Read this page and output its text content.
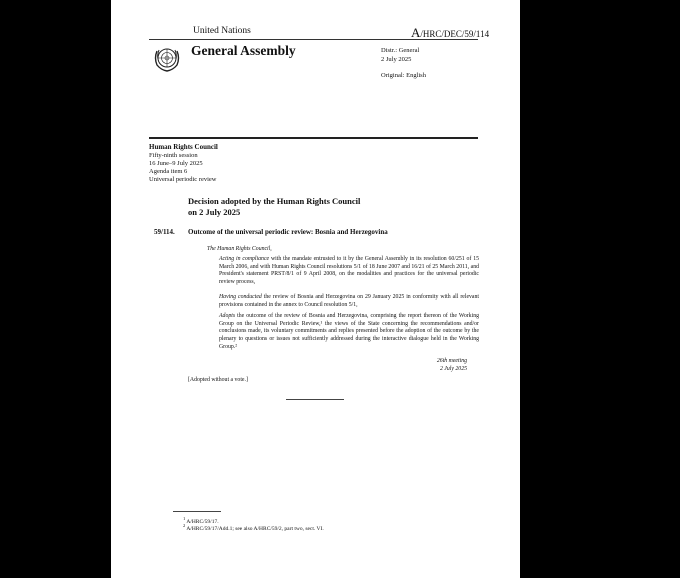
United Nations	A/HRC/DEC/59/114
General Assembly	Distr.: General
2 July 2025
Original: English
Human Rights Council
Fifty-ninth session
16 June–9 July 2025
Agenda item 6
Universal periodic review
Decision adopted by the Human Rights Council
on 2 July 2025
59/114. Outcome of the universal periodic review: Bosnia and Herzegovina
The Human Rights Council,
Acting in compliance with the mandate entrusted to it by the General Assembly in its resolution 60/251 of 15 March 2006, and with Human Rights Council resolutions 5/1 of 18 June 2007 and 16/21 of 25 March 2011, and President's statement PRST/8/1 of 9 April 2008, on the modalities and practices for the universal periodic review process,
Having conducted the review of Bosnia and Herzegovina on 29 January 2025 in conformity with all relevant provisions contained in the annex to Council resolution 5/1,
Adopts the outcome of the review of Bosnia and Herzegovina, comprising the report thereon of the Working Group on the Universal Periodic Review,¹ the views of the State concerning the recommendations and/or conclusions made, its voluntary commitments and replies presented before the adoption of the outcome by the plenary to questions or issues not sufficiently addressed during the interactive dialogue held in the Working Group.²
26th meeting
2 July 2025
[Adopted without a vote.]
$^1$ A/HRC/59/17.
$^2$ A/HRC/59/17/Add.1; see also A/HRC/59/2, part two, sect. VI.
